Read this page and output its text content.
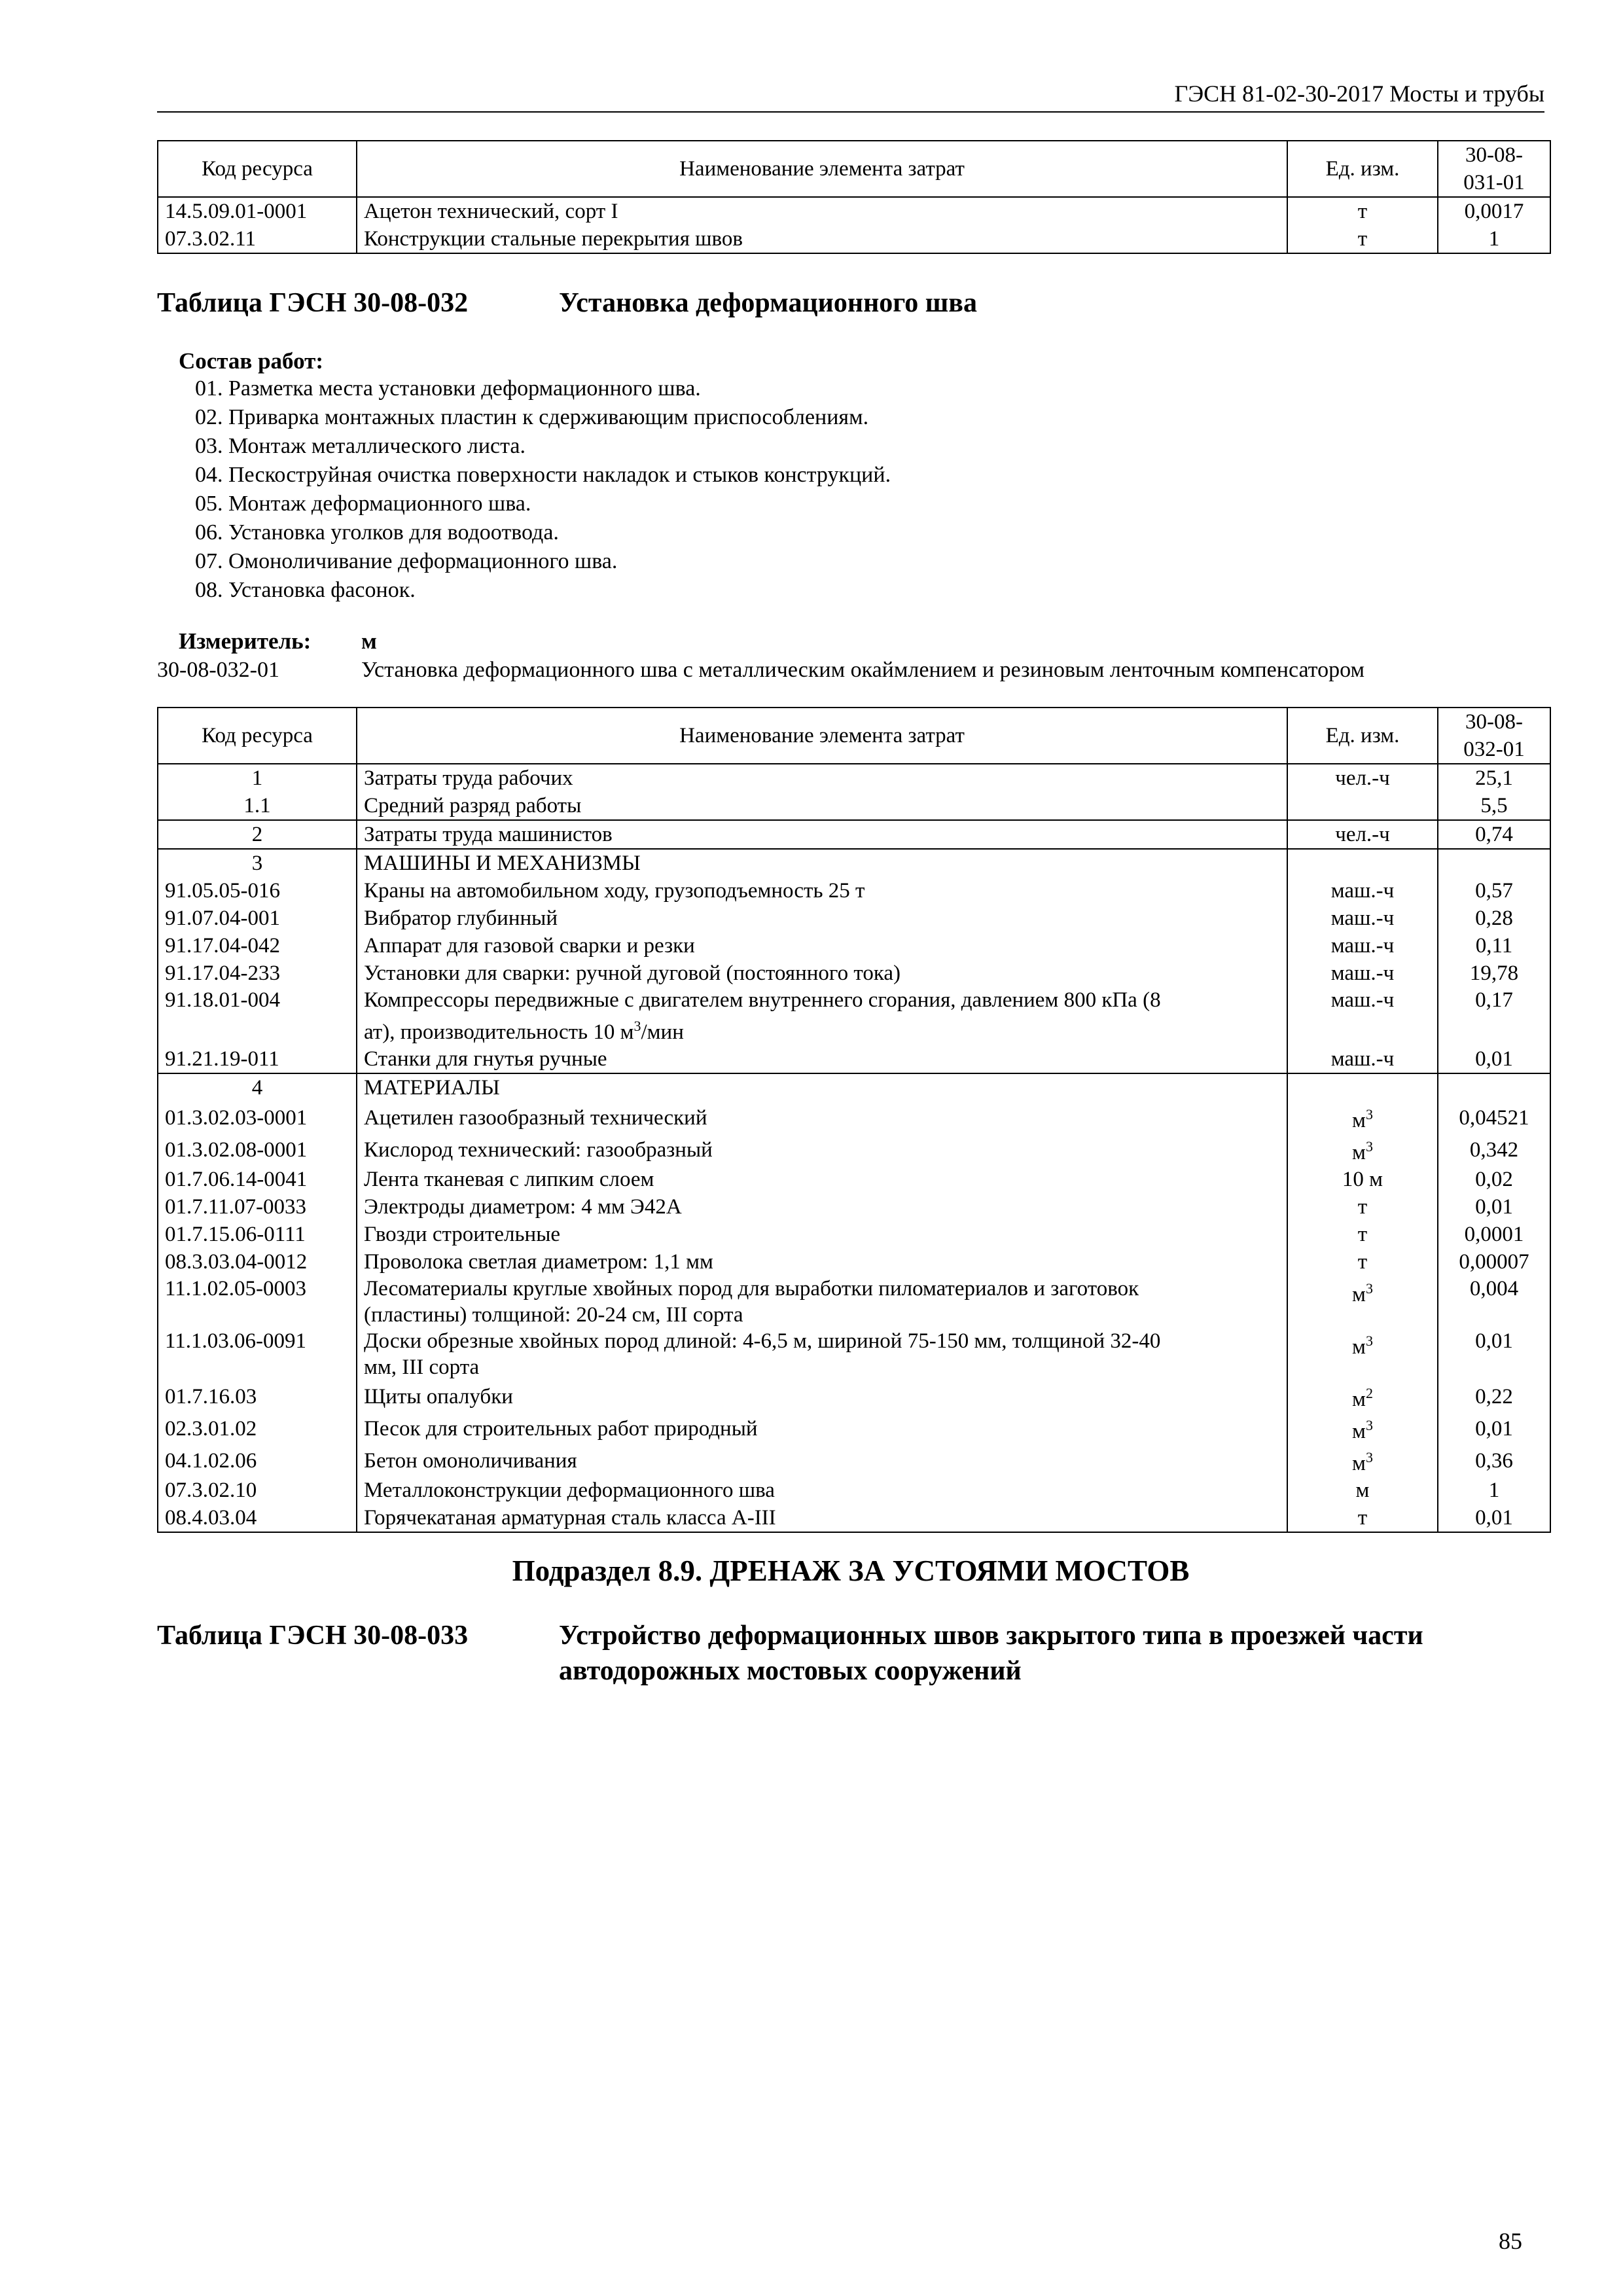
ГЭСН 81-02-30-2017 Мосты и трубы
Код ресурса	Наименование элемента затрат	Ед. изм.	30-08-
031-01
14.5.09.01-0001	Ацетон технический, сорт I	т	0,0017
07.3.02.11	Конструкции стальные перекрытия швов	т	1
Таблица ГЭСН 30-08-032	Установка деформационного шва
Состав работ:
01. Разметка места установки деформационного шва.
02. Приварка монтажных пластин к сдерживающим приспособлениям.
03. Монтаж металлического листа.
04. Пескоструйная очистка поверхности накладок и стыков конструкций.
05. Монтаж деформационного шва.
06. Установка уголков для водоотвода.
07. Омоноличивание деформационного шва.
08. Установка фасонок.
Измеритель: м
30-08-032-01	Установка деформационного шва с металлическим окаймлением и резиновым ленточным компенсатором
Код ресурса	Наименование элемента затрат	Ед. изм.	30-08-
032-01
1	Затраты труда рабочих	чел.-ч	25,1
1.1	Средний разряд работы		5,5
2	Затраты труда машинистов	чел.-ч	0,74
3	МАШИНЫ И МЕХАНИЗМЫ		
91.05.05-016	Краны на автомобильном ходу, грузоподъемность 25 т	маш.-ч	0,57
91.07.04-001	Вибратор глубинный	маш.-ч	0,28
91.17.04-042	Аппарат для газовой сварки и резки	маш.-ч	0,11
91.17.04-233	Установки для сварки: ручной дуговой (постоянного тока)	маш.-ч	19,78
91.18.01-004	Компрессоры передвижные с двигателем внутреннего сгорания, давлением 800 кПа (8
ат), производительность 10 $м^3$/мин	маш.-ч	0,17
91.21.19-011	Станки для гнутья ручные	маш.-ч	0,01
4	МАТЕРИАЛЫ		
01.3.02.03-0001	Ацетилен газообразный технический	$м^3$	0,04521
01.3.02.08-0001	Кислород технический: газообразный	$м^3$	0,342
01.7.06.14-0041	Лента тканевая с липким слоем	10 м	0,02
01.7.11.07-0033	Электроды диаметром: 4 мм Э42А	т	0,01
01.7.15.06-0111	Гвозди строительные	т	0,0001
08.3.03.04-0012	Проволока светлая диаметром: 1,1 мм	т	0,00007
11.1.02.05-0003	Лесоматериалы круглые хвойных пород для выработки пиломатериалов и заготовок
(пластины) толщиной: 20-24 см, III сорта	$м^3$	0,004
11.1.03.06-0091	Доски обрезные хвойных пород длиной: 4-6,5 м, шириной 75-150 мм, толщиной 32-40
мм, III сорта	$м^3$	0,01
01.7.16.03	Щиты опалубки	$м^2$	0,22
02.3.01.02	Песок для строительных работ природный	$м^3$	0,01
04.1.02.06	Бетон омоноличивания	$м^3$	0,36
07.3.02.10	Металлоконструкции деформационного шва	м	1
08.4.03.04	Горячекатаная арматурная сталь класса А-III	т	0,01
Подраздел 8.9. ДРЕНАЖ ЗА УСТОЯМИ МОСТОВ
Таблица ГЭСН 30-08-033	Устройство деформационных швов закрытого типа в проезжей части автодорожных мостовых сооружений
85
